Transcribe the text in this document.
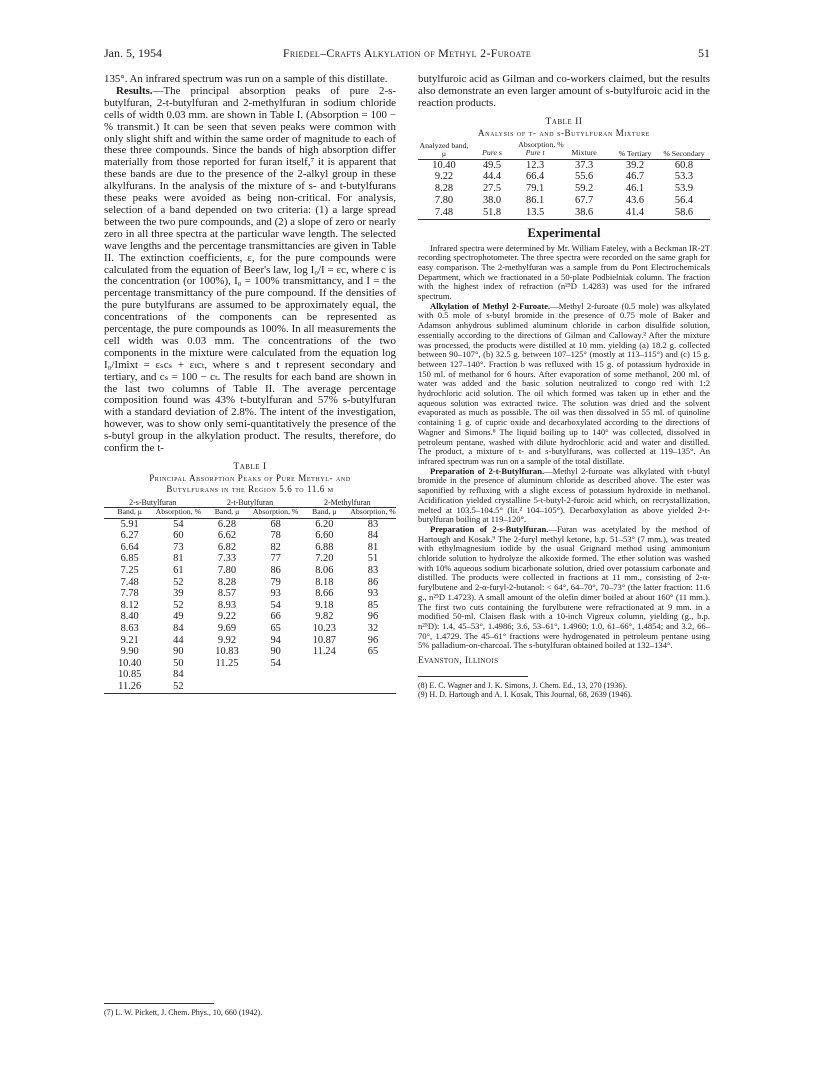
Jan. 5, 1954	Friedel–Crafts Alkylation of Methyl 2-Furoate	51

135°. An infrared spectrum was run on a sample of this distillate.

Results.—The principal absorption peaks of pure 2-s-butylfuran, 2-t-butylfuran and 2-methylfuran in sodium chloride cells of width 0.03 mm. are shown in Table I. (Absorption = 100 − % transmit.) It can be seen that seven peaks were common with only slight shift and within the same order of magnitude to each of these three compounds. Since the bands of high absorption differ materially from those reported for furan itself,⁷ it is apparent that these bands are due to the presence of the 2-alkyl group in these alkylfurans. In the analysis of the mixture of s- and t-butylfurans these peaks were avoided as being non-critical. For analysis, selection of a band depended on two criteria: (1) a large spread between the two pure compounds, and (2) a slope of zero or nearly zero in all three spectra at the particular wave length. The selected wave lengths and the percentage transmittancies are given in Table II. The extinction coefficients, ε, for the pure compounds were calculated from the equation of Beer's law, log I₀/I = εc, where c is the concentration (or 100%), I₀ = 100% transmittancy, and I = the percentage transmittancy of the pure compound. If the densities of the pure butylfurans are assumed to be approximately equal, the concentrations of the components can be represented as percentage, the pure compounds as 100%. In all measurements the cell width was 0.03 mm. The concentrations of the two components in the mixture were calculated from the equation log I₀/Imixt = εₛcₛ + εₜcₜ, where s and t represent secondary and tertiary, and cₛ = 100 − cₜ. The results for each band are shown in the last two columns of Table II. The average percentage composition found was 43% t-butylfuran and 57% s-butylfuran with a standard deviation of 2.8%. The intent of the investigation, however, was to show only semi-quantitatively the presence of the s-butyl group in the alkylation product. The results, therefore, do confirm the t-

Table I
Principal Absorption Peaks of Pure Methyl- and
Butylfurans in the Region 5.6 to 11.6 μ
2-s-Butylfuran		2-t-Butylfuran		2-Methylfuran	
Band, μ	Absorption, %	Band, μ	Absorption, %	Band, μ	Absorption, %
5.91	54	6.28	68	6.20	83
6.27	60	6.62	78	6.60	84
6.64	73	6.82	82	6.88	81
6.85	81	7.33	77	7.20	51
7.25	61	7.80	86	8.06	83
7.48	52	8.28	79	8.18	86
7.78	39	8.57	93	8.66	93
8.12	52	8.93	54	9.18	85
8.40	49	9.22	66	9.82	96
8.63	84	9.69	65	10.23	32
9.21	44	9.92	94	10.87	96
9.90	90	10.83	90	11.24	65
10.40	50	11.25	54		
10.85	84				
11.26	52				

(7) L. W. Pickett, J. Chem. Phys., 10, 660 (1942).

butylfuroic acid as Gilman and co-workers claimed, but the results also demonstrate an even larger amount of s-butylfuroic acid in the reaction products.

Table II
Analysis of t- and s-Butylfuran Mixture
Analyzed band, μ	Absorption, %			% Tertiary	% Secondary
	Pure s	Pure t	Mixture		
10.40	49.5	12.3	37.3	39.2	60.8
9.22	44.4	66.4	55.6	46.7	53.3
8.28	27.5	79.1	59.2	46.1	53.9
7.80	38.0	86.1	67.7	43.6	56.4
7.48	51.8	13.5	38.6	41.4	58.6
Experimental

Infrared spectra were determined by Mr. William Fateley, with a Beckman IR-2T recording spectrophotometer. The three spectra were recorded on the same graph for easy comparison. The 2-methylfuran was a sample from du Pont Electrochemicals Department, which we fractionated in a 50-plate Podbielniak column. The fraction with the highest index of refraction (n²⁵D 1.4283) was used for the infrared spectrum.

Alkylation of Methyl 2-Furoate.—Methyl 2-furoate (0.5 mole) was alkylated with 0.5 mole of s-butyl bromide in the presence of 0.75 mole of Baker and Adamson anhydrous sublimed aluminum chloride in carbon disulfide solution, essentially according to the directions of Gilman and Calloway.² After the mixture was processed, the products were distilled at 10 mm. yielding (a) 18.2 g. collected between 90–107°, (b) 32.5 g. between 107–125° (mostly at 113–115°) and (c) 15 g. between 127–140°. Fraction b was refluxed with 15 g. of potassium hydroxide in 150 ml. of methanol for 6 hours. After evaporation of some methanol, 200 ml. of water was added and the basic solution neutralized to congo red with 1:2 hydrochloric acid solution. The oil which formed was taken up in ether and the aqueous solution was extracted twice. The solution was dried and the solvent evaporated as much as possible. The oil was then dissolved in 55 ml. of quinoline containing 1 g. of cupric oxide and decarboxylated according to the directions of Wagner and Simons.⁸ The liquid boiling up to 140° was collected, dissolved in petroleum pentane, washed with dilute hydrochloric acid and water and distilled. The product, a mixture of t- and s-butylfurans, was collected at 119–135°. An infrared spectrum was run on a sample of the total distillate.

Preparation of 2-t-Butylfuran.—Methyl 2-furoate was alkylated with t-butyl bromide in the presence of aluminum chloride as described above. The ester was saponified by refluxing with a slight excess of potassium hydroxide in methanol. Acidification yielded crystalline 5-t-butyl-2-furoic acid which, on recrystallization, melted at 103.5–104.5° (lit.² 104–105°). Decarboxylation as above yielded 2-t-butylfuran boiling at 119–120°.

Preparation of 2-s-Butylfuran.—Furan was acetylated by the method of Hartough and Kosak.⁹ The 2-furyl methyl ketone, b.p. 51–53° (7 mm.), was treated with ethylmagnesium iodide by the usual Grignard method using ammonium chloride solution to hydrolyze the alkoxide formed. The ether solution was washed with 10% aqueous sodium bicarbonate solution, dried over potassium carbonate and distilled. The products were collected in fractions at 11 mm., consisting of 2-α-furylbutene and 2-α-furyl-2-butanol: < 64°, 64–70°, 70–73° (the latter fraction: 11.6 g., n²⁵D 1.4723). A small amount of the olefin dimer boiled at about 160° (11 mm.). The first two cuts containing the furylbutene were refractionated at 9 mm. in a modified 50-ml. Claisen flask with a 10-inch Vigreux column, yielding (g., b.p. n²⁵D): 1.4, 45–53°, 1.4986; 3.6, 53–61°, 1.4960; 1.0, 61–66°, 1.4854; and 3.2, 66–70°, 1.4729. The 45–61° fractions were hydrogenated in petroleum pentane using 5% palladium-on-charcoal. The s-butylfuran obtained boiled at 132–134°.

Evanston, Illinois

(8) E. C. Wagner and J. K. Simons, J. Chem. Ed., 13, 270 (1936).

(9) H. D. Hartough and A. I. Kosak, This Journal, 68, 2639 (1946).
